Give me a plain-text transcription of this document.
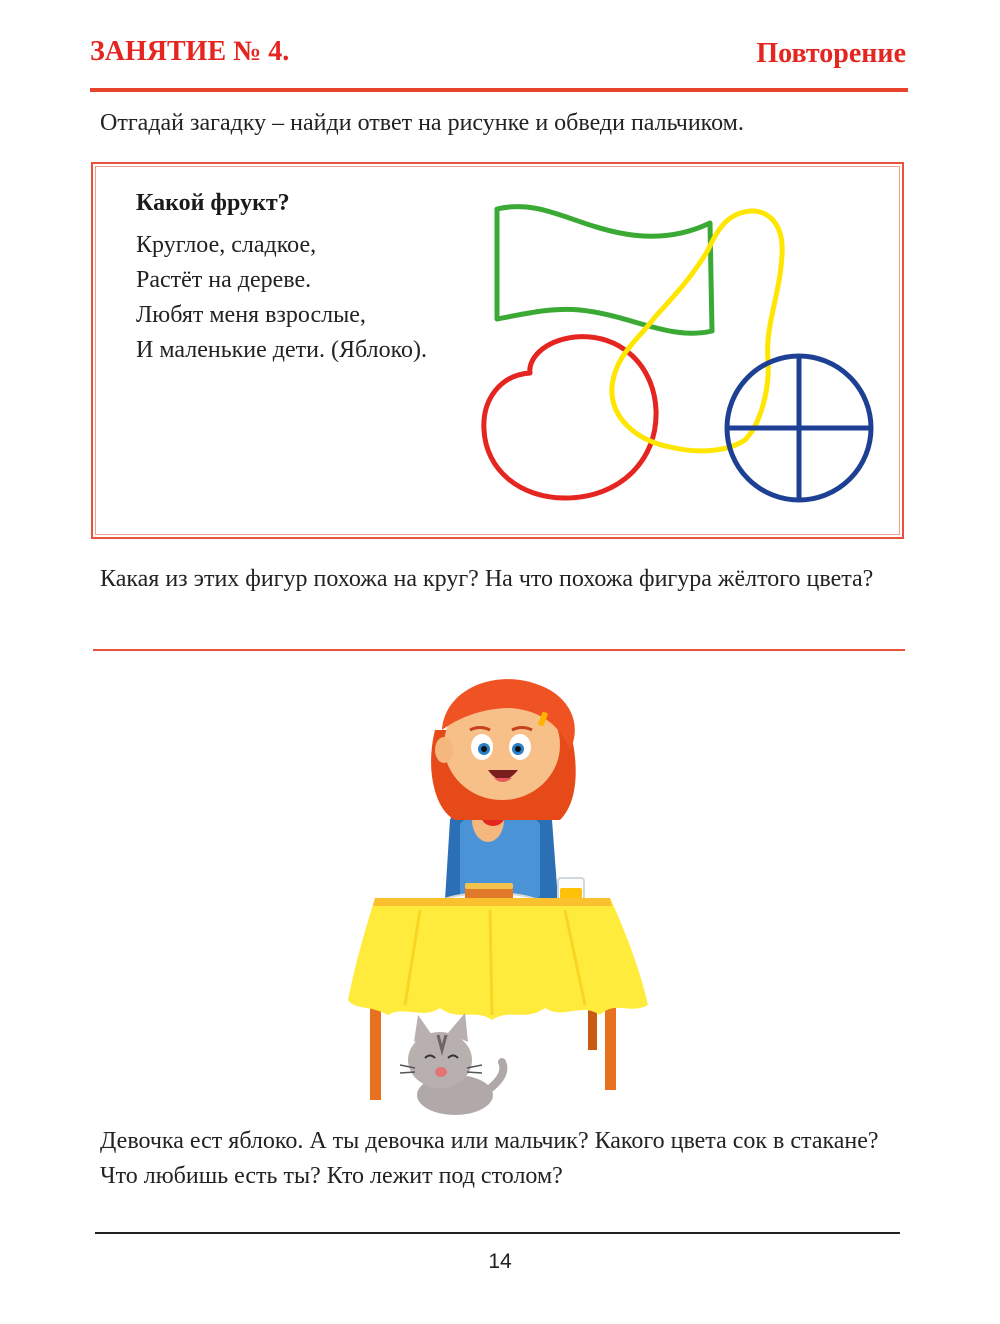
ЗАНЯТИЕ № 4.	Повторение
Отгадай загадку – найди ответ на рисунке и обведи пальчиком.
Какой фрукт?
Круглое, сладкое,
Растёт на дереве.
Любят меня взрослые,
И маленькие дети. (Яблоко).
Какая из этих фигур похожа на круг? На что похожа фигура жёлтого цвета?
Девочка ест яблоко. А ты девочка или мальчик? Какого цвета сок в стакане? Что любишь есть ты? Кто лежит под столом?
14
